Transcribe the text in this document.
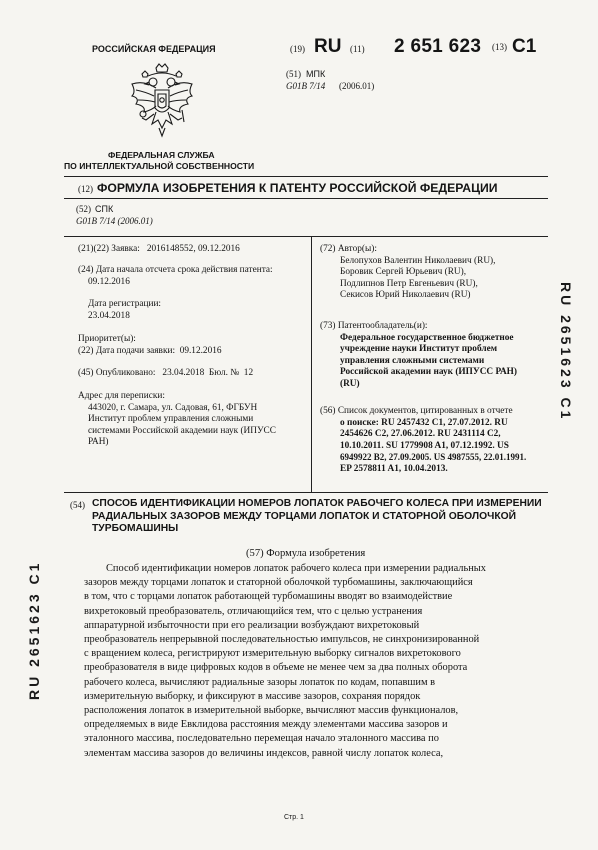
РОССИЙСКАЯ ФЕДЕРАЦИЯ
ФЕДЕРАЛЬНАЯ СЛУЖБА
ПО ИНТЕЛЛЕКТУАЛЬНОЙ СОБСТВЕННОСТИ
(19) RU (11) 2 651 623 (13) C1
(51) МПК
G01B 7/14 (2006.01)
(12) ФОРМУЛА ИЗОБРЕТЕНИЯ К ПАТЕНТУ РОССИЙСКОЙ ФЕДЕРАЦИИ
(52) СПК
G01B 7/14 (2006.01)
(21)(22) Заявка: 2016148552, 09.12.2016
(24) Дата начала отсчета срока действия патента:
09.12.2016
Дата регистрации:
23.04.2018
Приоритет(ы):
(22) Дата подачи заявки: 09.12.2016
(45) Опубликовано: 23.04.2018 Бюл. № 12
Адрес для переписки:
443020, г. Самара, ул. Садовая, 61, ФГБУН
Институт проблем управления сложными
системами Российской академии наук (ИПУСС
РАН)
(72) Автор(ы):
Белопухов Валентин Николаевич (RU),
Боровик Сергей Юрьевич (RU),
Подлипнов Петр Евгеньевич (RU),
Секисов Юрий Николаевич (RU)
(73) Патентообладатель(и):
Федеральное государственное бюджетное
учреждение науки Институт проблем
управления сложными системами
Российской академии наук (ИПУСС РАН)
(RU)
(56) Список документов, цитированных в отчете
о поиске: RU 2457432 C1, 27.07.2012. RU
2454626 C2, 27.06.2012. RU 2431114 C2,
10.10.2011. SU 1779908 A1, 07.12.1992. US
6949922 B2, 27.09.2005. US 4987555, 22.01.1991.
EP 2578811 A1, 10.04.2013.
(54) СПОСОБ ИДЕНТИФИКАЦИИ НОМЕРОВ ЛОПАТОК РАБОЧЕГО КОЛЕСА ПРИ ИЗМЕРЕНИИ
РАДИАЛЬНЫХ ЗАЗОРОВ МЕЖДУ ТОРЦАМИ ЛОПАТОК И СТАТОРНОЙ ОБОЛОЧКОЙ
ТУРБОМАШИНЫ
(57) Формула изобретения
Способ идентификации номеров лопаток рабочего колеса при измерении радиальных
зазоров между торцами лопаток и статорной оболочкой турбомашины, заключающийся
в том, что с торцами лопаток работающей турбомашины вводят во взаимодействие
вихретоковый преобразователь, отличающийся тем, что с целью устранения
аппаратурной избыточности при его реализации возбуждают вихретоковый
преобразователь непрерывной последовательностью импульсов, не синхронизированной
с вращением колеса, регистрируют измерительную выборку сигналов вихретокового
преобразователя в виде цифровых кодов в объеме не менее чем за два полных оборота
рабочего колеса, вычисляют радиальные зазоры лопаток по кодам, попавшим в
измерительную выборку, и фиксируют в массиве зазоров, сохраняя порядок
расположения лопаток в измерительной выборке, вычисляют массив функционалов,
определяемых в виде Евклидова расстояния между элементами массива зазоров и
эталонного массива, последовательно перемещая начало эталонного массива по
элементам массива зазоров до величины индексов, равной числу лопаток колеса,
RU 2651623 C1
RU 2651623 C1
Стр. 1
